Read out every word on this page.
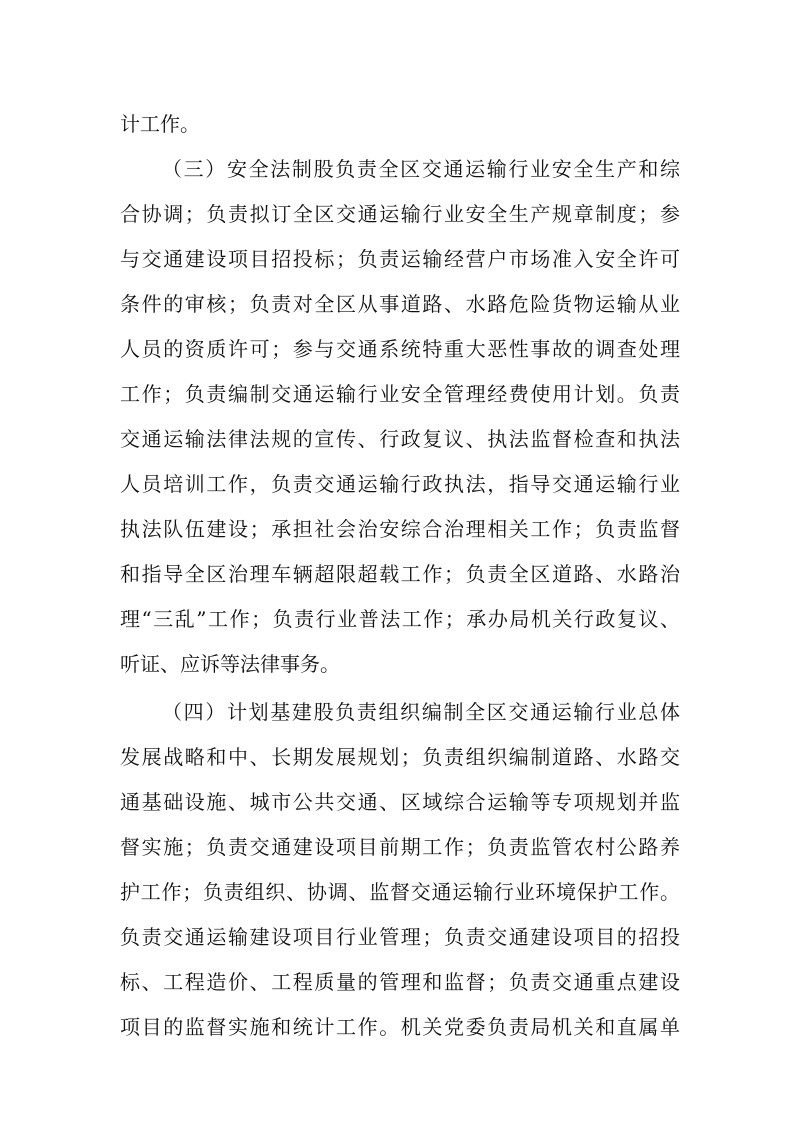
计工作。
（三）安全法制股负责全区交通运输行业安全生产和综
合协调；负责拟订全区交通运输行业安全生产规章制度；参
与交通建设项目招投标；负责运输经营户市场准入安全许可
条件的审核；负责对全区从事道路、水路危险货物运输从业
人员的资质许可；参与交通系统特重大恶性事故的调查处理
工作；负责编制交通运输行业安全管理经费使用计划。负责
交通运输法律法规的宣传、行政复议、执法监督检查和执法
人员培训工作，负责交通运输行政执法，指导交通运输行业
执法队伍建设；承担社会治安综合治理相关工作；负责监督
和指导全区治理车辆超限超载工作；负责全区道路、水路治
理“三乱”工作；负责行业普法工作；承办局机关行政复议、
听证、应诉等法律事务。
（四）计划基建股负责组织编制全区交通运输行业总体
发展战略和中、长期发展规划；负责组织编制道路、水路交
通基础设施、城市公共交通、区域综合运输等专项规划并监
督实施；负责交通建设项目前期工作；负责监管农村公路养
护工作；负责组织、协调、监督交通运输行业环境保护工作。
负责交通运输建设项目行业管理；负责交通建设项目的招投
标、工程造价、工程质量的管理和监督；负责交通重点建设
项目的监督实施和统计工作。机关党委负责局机关和直属单
